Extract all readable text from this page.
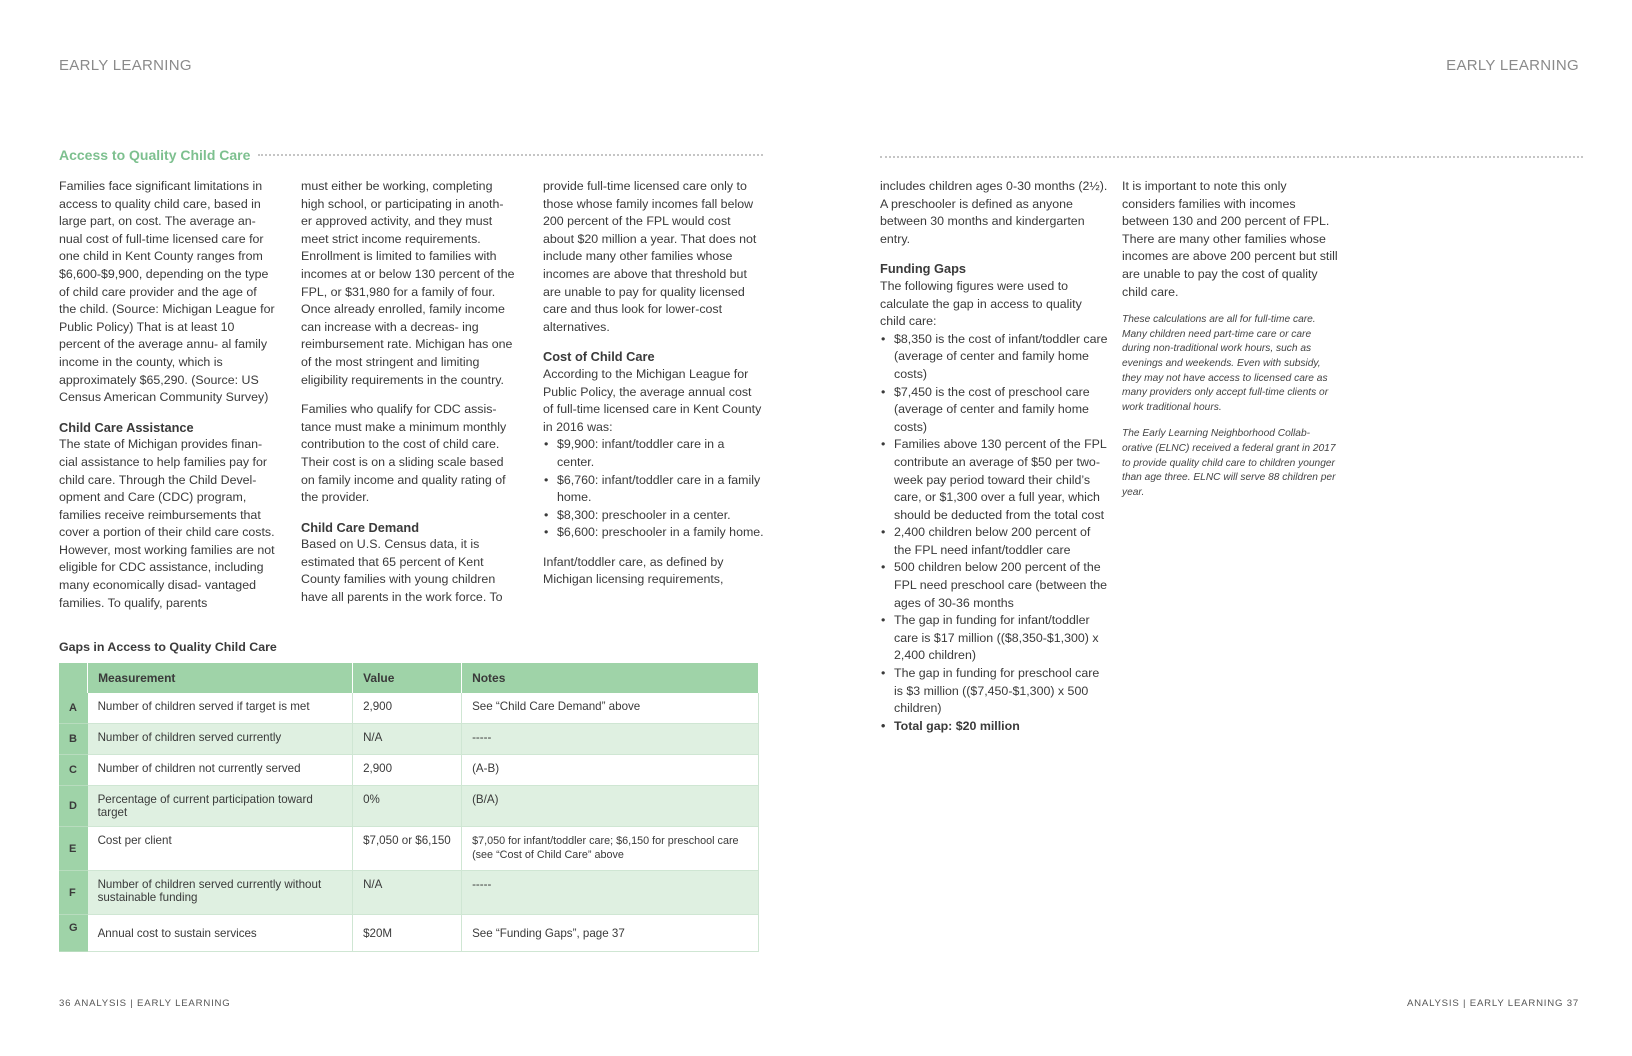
EARLY LEARNING	EARLY LEARNING
Access to Quality Child Care

Families face significant limitations in access to quality child care, based in large part, on cost. The average an- nual cost of full-time licensed care for one child in Kent County ranges from $6,600-$9,900, depending on the type of child care provider and the age of the child. (Source: Michigan League for Public Policy) That is at least 10 percent of the average annu- al family income in the county, which is approximately $65,290. (Source: US Census American Community Survey)

Child Care Assistance

The state of Michigan provides finan- cial assistance to help families pay for child care. Through the Child Devel- opment and Care (CDC) program, families receive reimbursements that cover a portion of their child care costs. However, most working families are not eligible for CDC assistance, including many economically disad- vantaged families. To qualify, parents

must either be working, completing high school, or participating in anoth- er approved activity, and they must meet strict income requirements. Enrollment is limited to families with incomes at or below 130 percent of the FPL, or $31,980 for a family of four. Once already enrolled, family income can increase with a decreas- ing reimbursement rate. Michigan has one of the most stringent and limiting eligibility requirements in the country.

Families who qualify for CDC assis- tance must make a minimum monthly contribution to the cost of child care. Their cost is on a sliding scale based on family income and quality rating of the provider.

Child Care Demand

Based on U.S. Census data, it is estimated that 65 percent of Kent County families with young children have all parents in the work force. To

provide full-time licensed care only to those whose family incomes fall below 200 percent of the FPL would cost about $20 million a year. That does not include many other families whose incomes are above that threshold but are unable to pay for quality licensed care and thus look for lower-cost alternatives.

Cost of Child Care

According to the Michigan League for Public Policy, the average annual cost of full-time licensed care in Kent County in 2016 was:

• $9,900: infant/toddler care in a center.
• $6,760: infant/toddler care in a family home.
• $8,300: preschooler in a center.
• $6,600: preschooler in a family home.

Infant/toddler care, as defined by Michigan licensing requirements,

includes children ages 0-30 months (2½). A preschooler is defined as anyone between 30 months and kindergarten entry.

Funding Gaps

The following figures were used to calculate the gap in access to quality child care:

• $8,350 is the cost of infant/toddler care (average of center and family home costs)
• $7,450 is the cost of preschool care (average of center and family home costs)
• Families above 130 percent of the FPL contribute an average of $50 per two-week pay period toward their child’s care, or $1,300 over a full year, which should be deducted from the total cost
• 2,400 children below 200 percent of the FPL need infant/toddler care
• 500 children below 200 percent of the FPL need preschool care (between the ages of 30-36 months
• The gap in funding for infant/toddler care is $17 million (($8,350-$1,300) x 2,400 children)
• The gap in funding for preschool care is $3 million (($7,450-$1,300) x 500 children)
• Total gap: $20 million

It is important to note this only considers families with incomes between 130 and 200 percent of FPL. There are many other families whose incomes are above 200 percent but still are unable to pay the cost of quality child care.

These calculations are all for full-time care. Many children need part-time care or care during non-traditional work hours, such as evenings and weekends. Even with subsidy, they may not have access to licensed care as many providers only accept full-time clients or work traditional hours.

The Early Learning Neighborhood Collab- orative (ELNC) received a federal grant in 2017 to provide quality child care to children younger than age three. ELNC will serve 88 children per year.

Gaps in Access to Quality Child Care
	Measurement	Value	Notes
A	Number of children served if target is met	2,900	See “Child Care Demand” above
B	Number of children served currently	N/A	-----
C	Number of children not currently served	2,900	(A-B)
D	Percentage of current participation toward target	0%	(B/A)
E	Cost per client	$7,050 or $6,150	$7,050 for infant/toddler care; $6,150 for preschool care (see “Cost of Child Care” above
F	Number of children served currently without sustainable funding	N/A	-----
G	Annual cost to sustain services	$20M	See “Funding Gaps”, page 37
36 ANALYSIS | EARLY LEARNING	ANALYSIS | EARLY LEARNING 37
